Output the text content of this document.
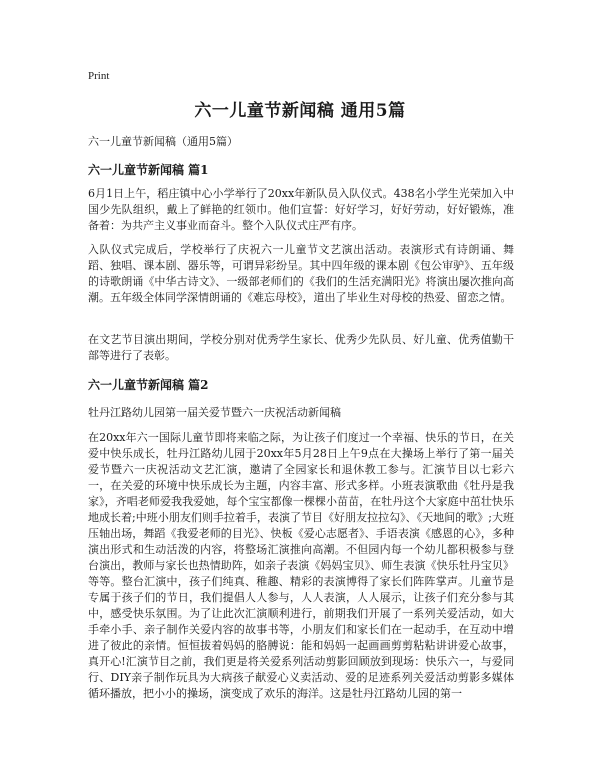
Print
六一儿童节新闻稿 通用5篇

六一儿童节新闻稿（通用5篇）

六一儿童节新闻稿 篇1

6月1日上午，稻庄镇中心小学举行了20xx年新队员入队仪式。438名小学生光荣加入中国少先队组织，戴上了鲜艳的红领巾。他们宣誓：好好学习，好好劳动，好好锻炼，准备着：为共产主义事业而奋斗。整个入队仪式庄严有序。

入队仪式完成后，学校举行了庆祝六一儿童节文艺演出活动。表演形式有诗朗诵、舞蹈、独唱、课本剧、器乐等，可谓异彩纷呈。其中四年级的课本剧《包公审驴》、五年级的诗歌朗诵《中华古诗文》、一级部老师们的《我们的生活充满阳光》将演出屡次推向高潮。五年级全体同学深情朗诵的《难忘母校》，道出了毕业生对母校的热爱、留恋之情。

在文艺节目演出期间，学校分别对优秀学生家长、优秀少先队员、好儿童、优秀值勤干部等进行了表彰。

六一儿童节新闻稿 篇2

牡丹江路幼儿园第一届关爱节暨六一庆祝活动新闻稿

在20xx年六一国际儿童节即将来临之际，为让孩子们度过一个幸福、快乐的节日，在关爱中快乐成长，牡丹江路幼儿园于20xx年5月28日上午9点在大操场上举行了第一届关爱节暨六一庆祝活动文艺汇演，邀请了全园家长和退休教工参与。汇演节目以七彩六一，在关爱的环境中快乐成长为主题，内容丰富、形式多样。小班表演歌曲《牡丹是我家》，齐唱老师爱我我爱她，每个宝宝都像一棵棵小苗苗，在牡丹这个大家庭中茁壮快乐地成长着;中班小朋友们则手拉着手，表演了节目《好朋友拉拉勾》、《天地间的歌》;大班压轴出场，舞蹈《我爱老师的目光》、快板《爱心志愿者》、手语表演《感恩的心》，多种演出形式和生动活泼的内容，将整场汇演推向高潮。不但园内每一个幼儿都积极参与登台演出，教师与家长也热情助阵，如亲子表演《妈妈宝贝》、师生表演《快乐牡丹宝贝》等等。整台汇演中，孩子们纯真、稚趣、精彩的表演博得了家长们阵阵掌声。儿童节是专属于孩子们的节日，我们提倡人人参与，人人表演，人人展示，让孩子们充分参与其中，感受快乐氛围。为了让此次汇演顺利进行，前期我们开展了一系列关爱活动，如大手牵小手、亲子制作关爱内容的故事书等，小朋友们和家长们在一起动手，在互动中增进了彼此的亲情。恒恒拔着妈妈的胳膊说：能和妈妈一起画画剪剪粘粘讲讲爱心故事，真开心!汇演节目之前，我们更是将关爱系列活动剪影回顾放到现场：快乐六一，与爱同行、DIY亲子制作玩具为大病孩子献爱心义卖活动、爱的足迹系列关爱活动剪影多媒体循环播放，把小小的操场，演变成了欢乐的海洋。这是牡丹江路幼儿园的第一
